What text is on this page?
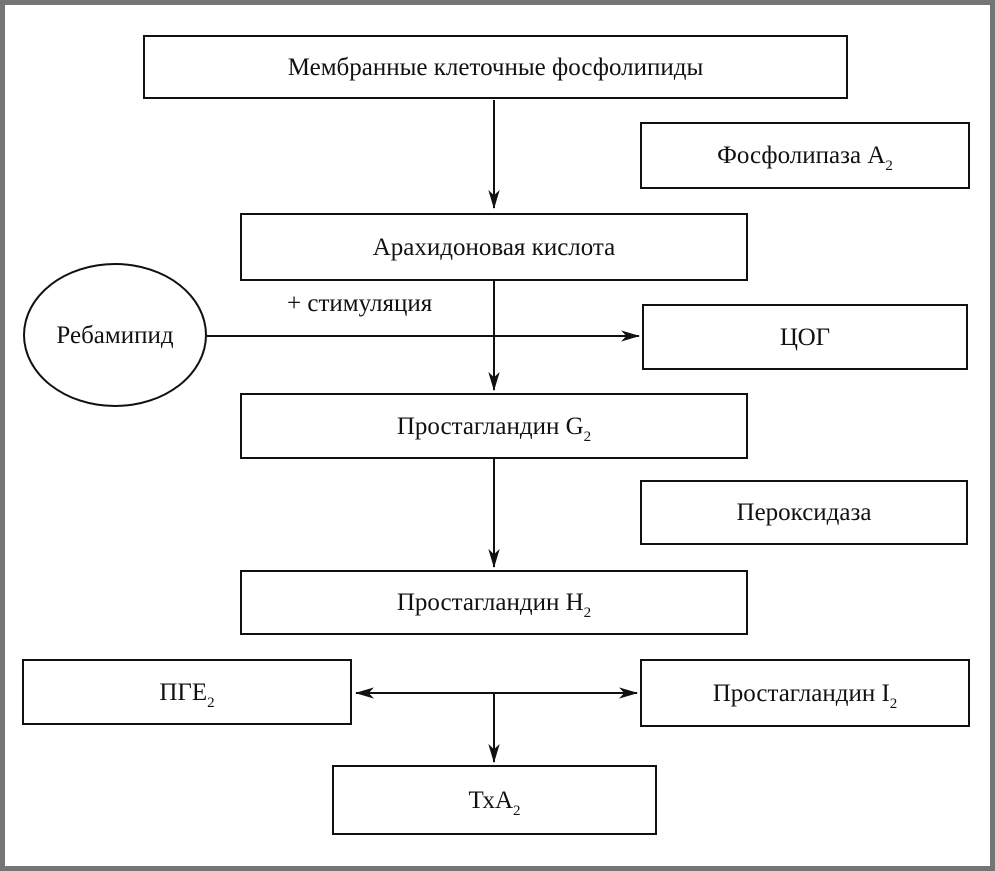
Мембранные клеточные фосфолипиды
Фосфолипаза $А_2$
Арахидоновая кислота
Ребамипид	ЦОГ
Простагландин $G_2$
Пероксидаза
Простагландин $Н_2$
$ПГЕ_2$	Простагландин $I_2$
ТхА$_2$
+ стимуляция
